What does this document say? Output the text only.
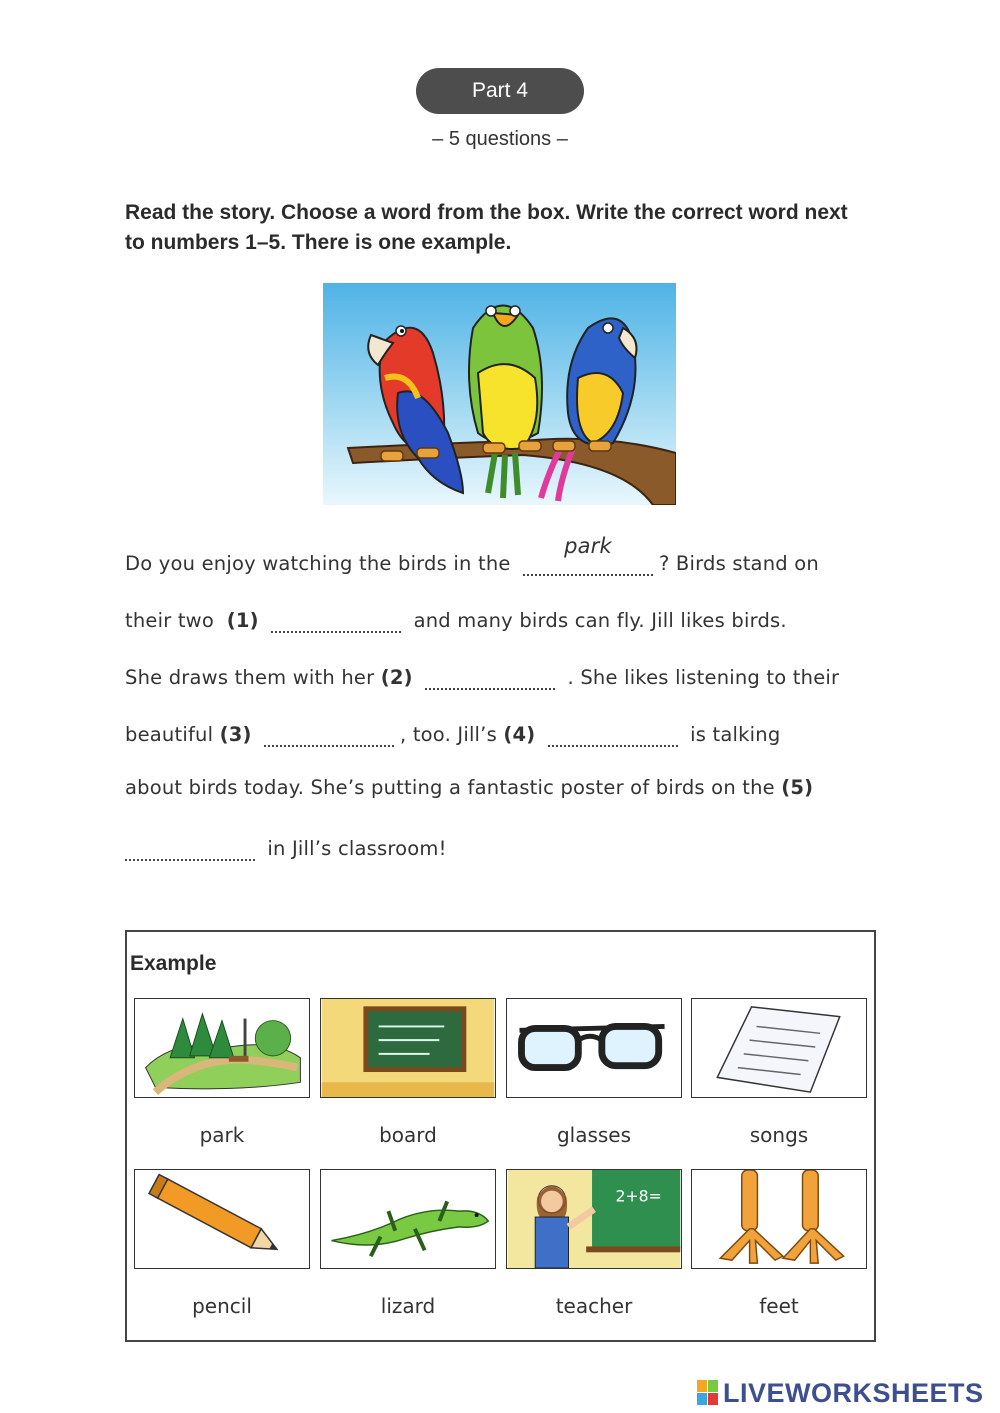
Part 4
– 5 questions –
Read the story. Choose a word from the box. Write the correct word next to numbers 1–5. There is one example.
Do you enjoy watching the birds in the
park
? Birds stand on
their two (1)	and many birds can fly. Jill likes birds.
She draws them with her (2)	. She likes listening to their
beautiful (3)	, too. Jill’s (4)	is talking
about birds today. She’s putting a fantastic poster of birds on the (5)
in Jill’s classroom!
Example
park	board	glasses	songs
2+8=
pencil	lizard	teacher	feet
LIVEWORKSHEETS
